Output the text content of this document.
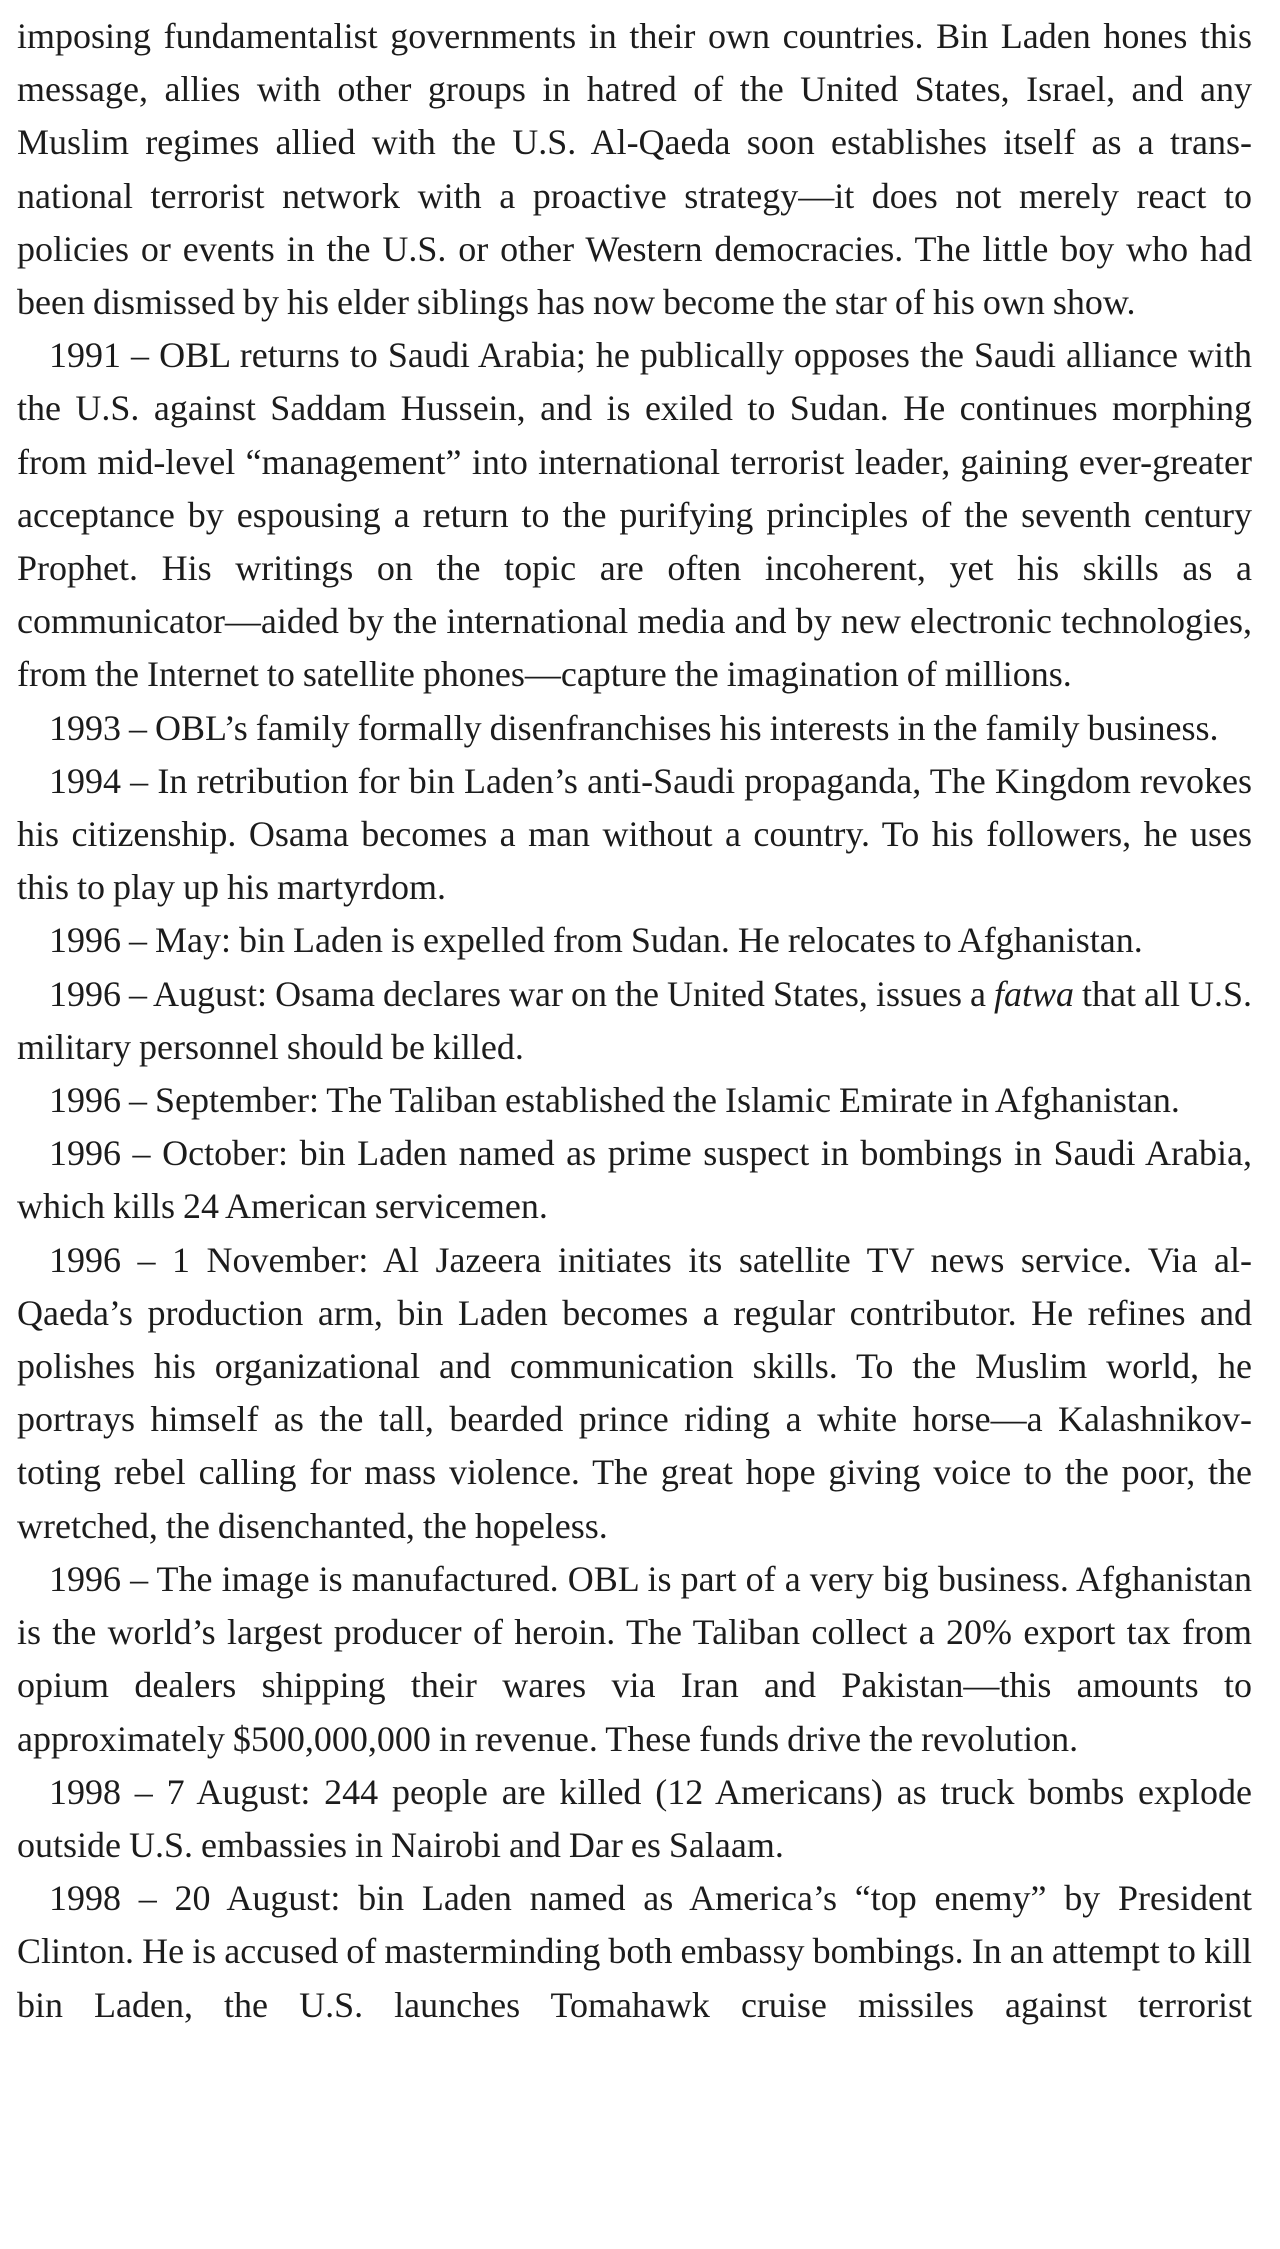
imposing fundamentalist governments in their own countries. Bin Laden hones this message, allies with other groups in hatred of the United States, Israel, and any Muslim regimes allied with the U.S. Al-Qaeda soon establishes itself as a trans-national terrorist network with a proactive strategy—it does not merely react to policies or events in the U.S. or other Western democracies. The little boy who had been dismissed by his elder siblings has now become the star of his own show.

1991 – OBL returns to Saudi Arabia; he publically opposes the Saudi alliance with the U.S. against Saddam Hussein, and is exiled to Sudan. He continues morphing from mid-level “management” into international terrorist leader, gaining ever-greater acceptance by espousing a return to the purifying principles of the seventh century Prophet. His writings on the topic are often incoherent, yet his skills as a communicator—aided by the international media and by new electronic technologies, from the Internet to satellite phones—capture the imagination of millions.

1993 – OBL’s family formally disenfranchises his interests in the family business.

1994 – In retribution for bin Laden’s anti-Saudi propaganda, The Kingdom revokes his citizenship. Osama becomes a man without a country. To his followers, he uses this to play up his martyrdom.

1996 – May: bin Laden is expelled from Sudan. He relocates to Afghanistan.

1996 – August: Osama declares war on the United States, issues a fatwa that all U.S. military personnel should be killed.

1996 – September: The Taliban established the Islamic Emirate in Afghanistan.

1996 – October: bin Laden named as prime suspect in bombings in Saudi Arabia, which kills 24 American servicemen.

1996 – 1 November: Al Jazeera initiates its satellite TV news service. Via al-Qaeda’s production arm, bin Laden becomes a regular contributor. He refines and polishes his organizational and communication skills. To the Muslim world, he portrays himself as the tall, bearded prince riding a white horse—a Kalashnikov-toting rebel calling for mass violence. The great hope giving voice to the poor, the wretched, the disenchanted, the hopeless.

1996 – The image is manufactured. OBL is part of a very big business. Afghanistan is the world’s largest producer of heroin. The Taliban collect a 20% export tax from opium dealers shipping their wares via Iran and Pakistan—this amounts to approximately $500,000,000 in revenue. These funds drive the revolution.

1998 – 7 August: 244 people are killed (12 Americans) as truck bombs explode outside U.S. embassies in Nairobi and Dar es Salaam.

1998 – 20 August: bin Laden named as America’s “top enemy” by President Clinton. He is accused of masterminding both embassy bombings. In an attempt to kill bin Laden, the U.S. launches Tomahawk cruise missiles against terrorist
